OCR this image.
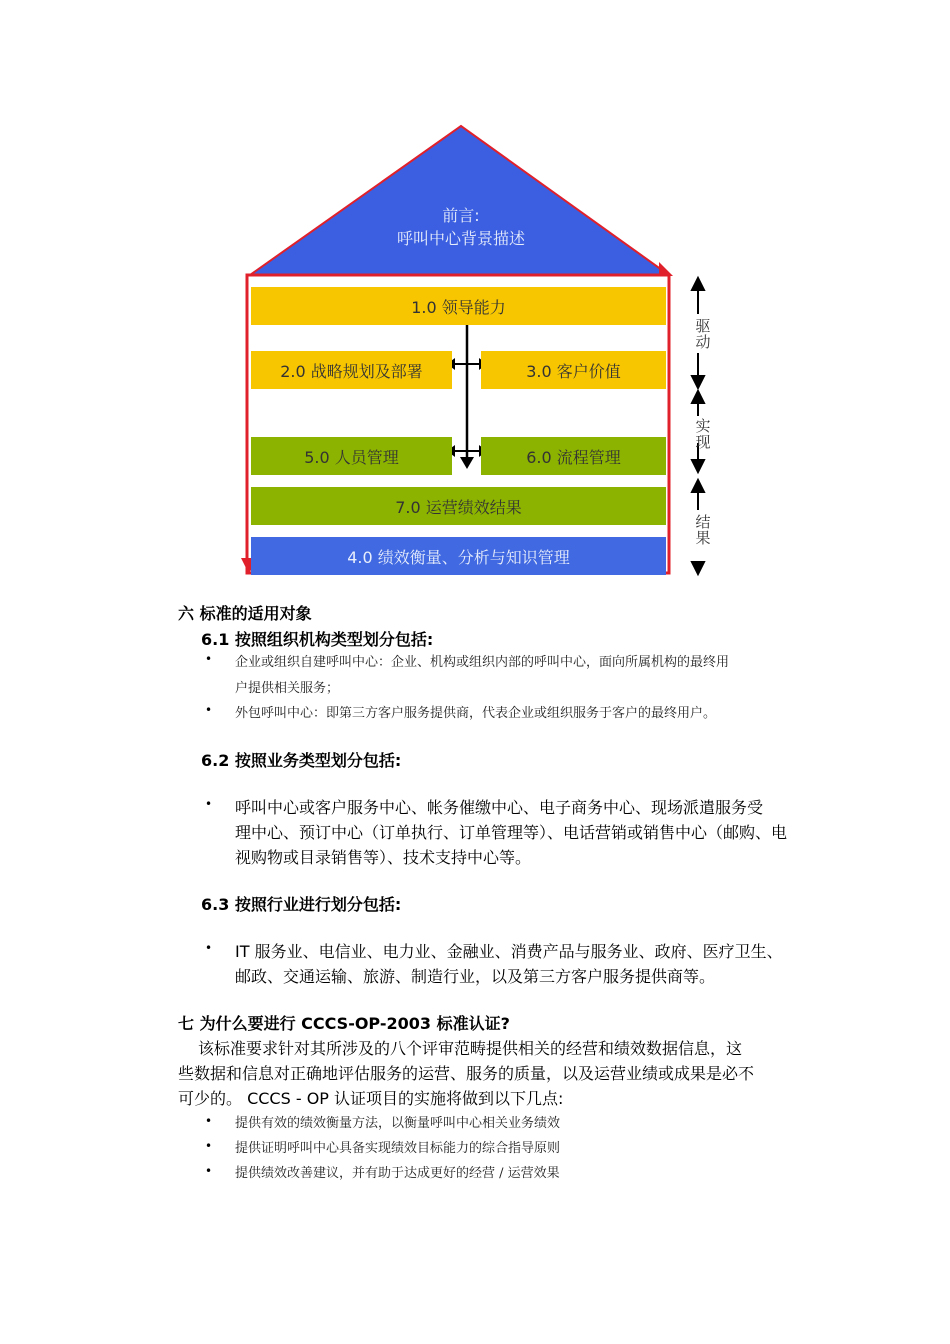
前言:
呼叫中心背景描述
1.0 领导能力
2.0 战略规划及部署	3.0 客户价值
5.0 人员管理	6.0 流程管理
7.0 运营绩效结果
4.0 绩效衡量、分析与知识管理
驱动
实现
结果
六 标准的适用对象
6.1 按照组织机构类型划分包括:
• 企业或组织自建呼叫中心：企业、机构或组织内部的呼叫中心，面向所属机构的最终用
户提供相关服务；
• 外包呼叫中心：即第三方客户服务提供商，代表企业或组织服务于客户的最终用户。
6.2 按照业务类型划分包括:
• 呼叫中心或客户服务中心、帐务催缴中心、电子商务中心、现场派遣服务受
理中心、预订中心（订单执行、订单管理等）、电话营销或销售中心（邮购、电
视购物或目录销售等）、技术支持中心等。
6.3 按照行业进行划分包括:
• IT 服务业、电信业、电力业、金融业、消费产品与服务业、政府、医疗卫生、
邮政、交通运输、旅游、制造行业，以及第三方客户服务提供商等。
七 为什么要进行 CCCS-OP-2003 标准认证?
该标准要求针对其所涉及的八个评审范畴提供相关的经营和绩效数据信息，这
些数据和信息对正确地评估服务的运营、服务的质量，以及运营业绩或成果是必不
可少的。 CCCS - OP 认证项目的实施将做到以下几点:
• 提供有效的绩效衡量方法，以衡量呼叫中心相关业务绩效
• 提供证明呼叫中心具备实现绩效目标能力的综合指导原则
• 提供绩效改善建议，并有助于达成更好的经营 / 运营效果
